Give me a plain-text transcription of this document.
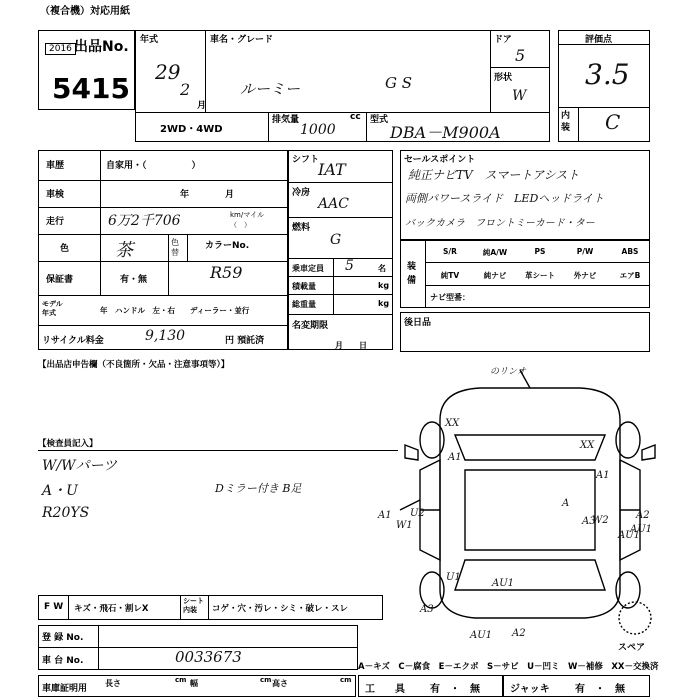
（複合機）対応用紙
2016 出品No.
5415
年式
29
2
月
車名・グレード
ルーミー	G S
ドア
5
形状
W
評価点
3.5
内装 C
2WD・4WD
排気量
1000
cc 型式
DBA－M900A
車歴	自家用・（　　　　　）
車検	年　　　　月
走行	6万2千706	km/マイル（　）
色	茶	色替
カラーNo.
保証書	有・無	R59
モデル年式	年　ハンドル　左・右　　ディーラー・並行
リサイクル料金	9,130	円 預託済
シフト
IAT
冷房
AAC
燃料
G
乗車定員 5	名
積載量	kg
総重量	kg
名変期限
月　　日
セールスポイント
純正ナビTV　スマートアシスト
両側パワースライド　LEDヘッドライト
バックカメラ　フロントミーカード・ター
装備
S/R	純A/W	PS	P/W	ABS
純TV	純ナビ	革シート	外ナビ	エアB
ナビ型番：
後日品
【出品店申告欄（不良箇所・欠品・注意事項等）】
【検査員記入】
W/Wパーツ
A・U
R20YS
Dミラー付き B足
XX
XX
A1
A1
U2
AU1
A1
W1	W2
A
A3
A2
AU1
U1
AU1
A3
AU1
A2
のリンオ
スペア
F W キズ・飛石・割レX
シート内装	コゲ・穴・汚レ・シミ・破レ・スレ
登 録 No.
車 台 No.	0033673
A－キズ　C－腐食　E－エクボ　S－サビ　U－凹ミ　W－補修　XX－交換済
車庫証明用
長さ	cm 幅	cm 高さ	cm
工　　具	有　・　無	ジャッキ	有　・　無
